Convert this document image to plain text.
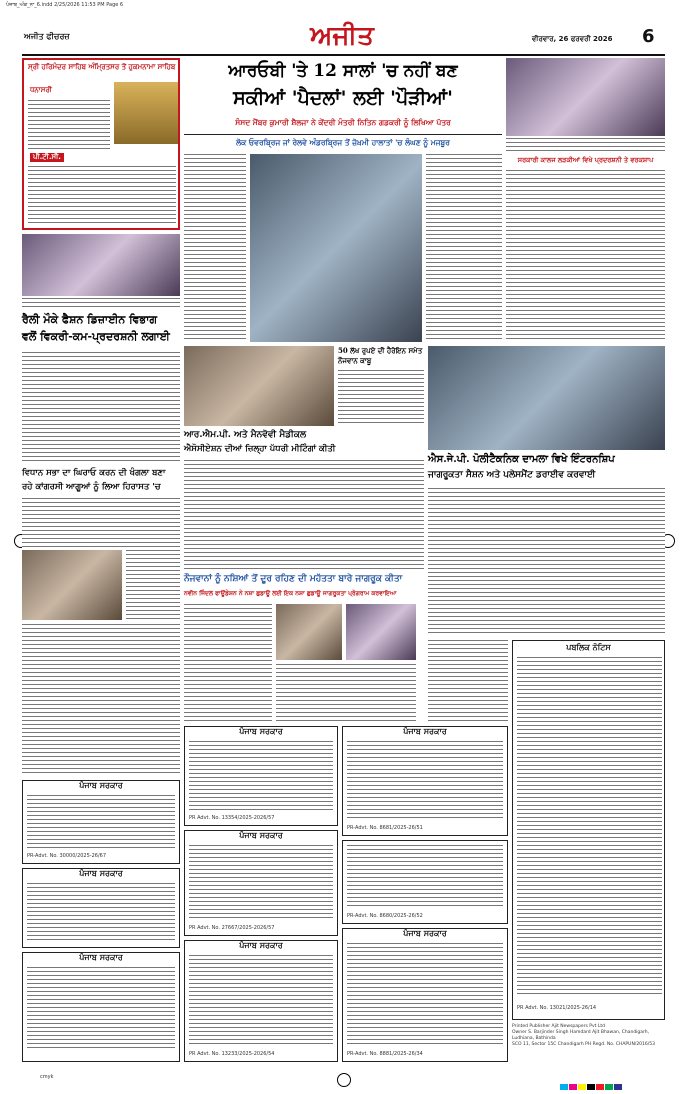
ਪੰਜਾਬ_ਅੰਕ_ਨਾ_6.indd 2/25/2026 11:53 PM Page 6
ਅਜੀਤ ਫੀਚਰਜ਼	ਅਜੀਤ	ਵੀਰਵਾਰ, 26 ਫਰਵਰੀ 2026 6
ਸ੍ਰੀ ਹਰਿਮੰਦਰ ਸਾਹਿਬ ਅੰਮ੍ਰਿਤਸਰ ਤੋਂ ਹੁਕਮਨਾਮਾ ਸਾਹਿਬ
ਧਨਾਸਰੀ
ਪੀ.ਟੀ.ਸੀ.
ਰੈਲੀ ਮੌਕੇ ਫੈਸ਼ਨ ਡਿਜ਼ਾਈਨ ਵਿਭਾਗ
ਵਲੋਂ ਵਿਕਰੀ-ਕਮ-ਪ੍ਰਦਰਸ਼ਨੀ ਲਗਾਈ
ਵਿਧਾਨ ਸਭਾ ਦਾ ਘਿਰਾਓ ਕਰਨ ਦੀ ਖੰਗਲਾ ਬਣਾ
ਰਹੇ ਕਾਂਗਰਸੀ ਆਗੂਆਂ ਨੂੰ ਲਿਆ ਹਿਰਾਸਤ 'ਚ
ਆਰਓਬੀ 'ਤੇ 12 ਸਾਲਾਂ 'ਚ ਨਹੀਂ ਬਣ
ਸਕੀਆਂ 'ਪੈਦਲਾਂ' ਲਈ 'ਪੌੜੀਆਂ'
ਸੰਸਦ ਮੈਂਬਰ ਕੁਮਾਰੀ ਸ਼ੈਲਜਾ ਨੇ ਕੇਂਦਰੀ ਮੰਤਰੀ ਨਿਤਿਨ ਗਡਕਰੀ ਨੂੰ ਲਿਖਿਆ ਪੱਤਰ
ਲੋਕ ਓਵਰਬ੍ਰਿਜ ਜਾਂ ਰੇਲਵੇ ਅੰਡਰਬ੍ਰਿਜ ਤੋਂ ਜ਼ੋਖ਼ਮੀ ਹਾਲਾਤਾਂ 'ਚ ਲੰਘਣ ਨੂੰ ਮਜਬੂਰ
ਸਰਕਾਰੀ ਕਾਲਜ ਲੜਕੀਆਂ ਵਿਖੇ ਪ੍ਰਦਰਸ਼ਨੀ ਤੇ ਵਰਕਸ਼ਾਪ
50 ਲੱਖ ਰੁਪਏ ਦੀ ਹੈਰੋਇਨ ਸਮੇਤ ਨੌਜਵਾਨ ਕਾਬੂ
ਆਰ.ਐਮ.ਪੀ. ਅਤੇ ਮੈਨਵੋਵੀ ਮੈਡੀਕਲ
ਐਸੋਸੀਏਸ਼ਨ ਦੀਆਂ ਜ਼ਿਲ੍ਹਾ ਪੱਧਰੀ ਮੀਟਿੰਗਾਂ ਕੀਤੀ
ਐਸ.ਜੇ.ਪੀ. ਪੋਲੀਟੈਕਨਿਕ ਦਾਮਲਾ ਵਿਖੇ ਇੰਟਰਨਸ਼ਿਪ
ਜਾਗਰੂਕਤਾ ਸੈਸ਼ਨ ਅਤੇ ਪਲੇਸਮੈਂਟ ਡਰਾਈਵ ਕਰਵਾਈ
ਨੌਜਵਾਨਾਂ ਨੂੰ ਨਸ਼ਿਆਂ ਤੋਂ ਦੂਰ ਰਹਿਣ ਦੀ ਮਹੱਤਤਾ ਬਾਰੇ ਜਾਗਰੂਕ ਕੀਤਾ
ਨਵੀਨ ਜਿੰਦਲ ਫਾਊਂਡੇਸ਼ਨ ਨੇ ਨਸ਼ਾ ਛੁਡਾਊ ਲਈ ਇਕ ਨਸ਼ਾ ਛੁਡਾਊ ਜਾਗਰੂਕਤਾ ਪ੍ਰੋਗਰਾਮ ਕਰਵਾਇਆ
ਪੰਜਾਬ ਸਰਕਾਰ
PR-Advt. No. 30000/2025-26/67
ਪੰਜਾਬ ਸਰਕਾਰ
ਪੰਜਾਬ ਸਰਕਾਰ
ਪੰਜਾਬ ਸਰਕਾਰ
PR Advt. No. 13354/2025-2026/57
ਪੰਜਾਬ ਸਰਕਾਰ
PR Advt. No. 27667/2025-2026/57
ਪੰਜਾਬ ਸਰਕਾਰ
PR Advt. No. 13233/2025-2026/54
ਪੰਜਾਬ ਸਰਕਾਰ
PR-Advt. No. 8681/2025-26/51
PR-Advt. No. 8680/2025-26/52
ਪੰਜਾਬ ਸਰਕਾਰ
PR-Advt. No. 8881/2025-26/34
ਪਬਲਿਕ ਨੋਟਿਸ
PR Advt. No. 13021/2025-26/14
Printed Publisher Ajit Newspapers Pvt Ltd
Owner S. Barjinder Singh Hamdard Ajit Bhawan, Chandigarh, Ludhiana, Bathinda
SCO 11, Sector 15C Chandigarh PH Regd. No. CHAPUN/2016/53
cmyk
